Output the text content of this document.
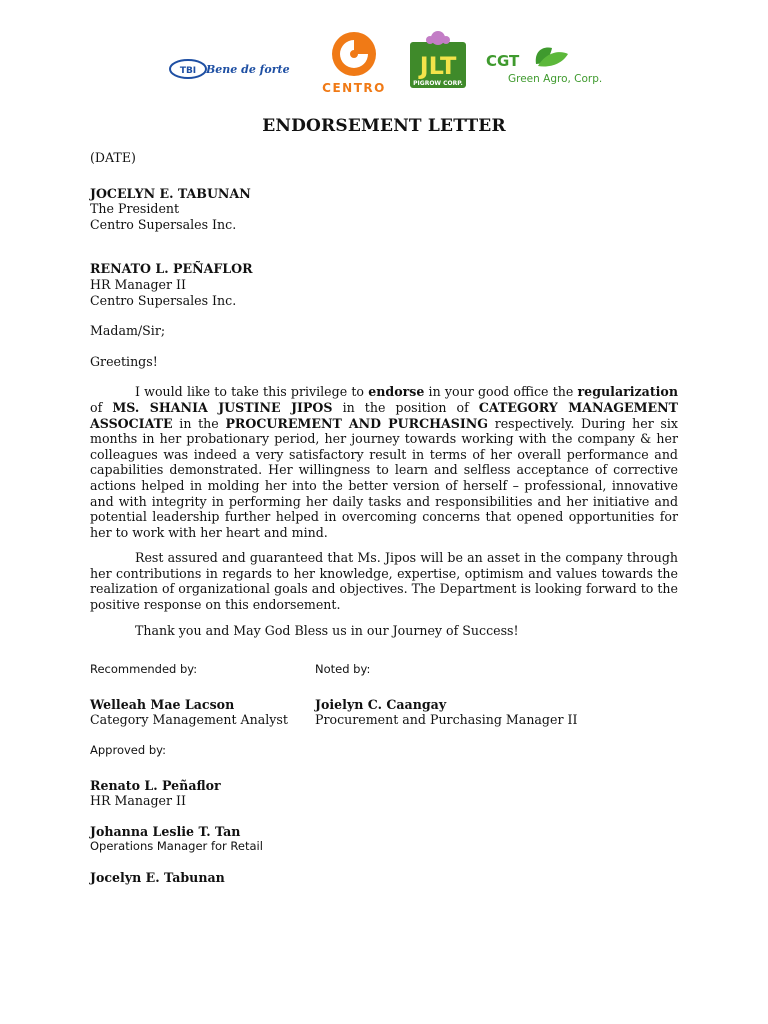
TBI Bene de forte
CENTRO
JLT
PIGROW CORP.
CGT
Green Agro, Corp.
ENDORSEMENT LETTER

(DATE)

JOCELYN E. TABUNAN

The President

Centro Supersales Inc.

RENATO L. PEÑAFLOR

HR Manager II

Centro Supersales Inc.

Madam/Sir;

Greetings!

I would like to take this privilege to endorse in your good office the regularization of MS. SHANIA JUSTINE JIPOS in the position of CATEGORY MANAGEMENT ASSOCIATE in the PROCUREMENT AND PURCHASING respectively. During her six months in her probationary period, her journey towards working with the company & her colleagues was indeed a very satisfactory result in terms of her overall performance and capabilities demonstrated. Her willingness to learn and selfless acceptance of corrective actions helped in molding her into the better version of herself – professional, innovative and with integrity in performing her daily tasks and responsibilities and her initiative and potential leadership further helped in overcoming concerns that opened opportunities for her to work with her heart and mind.

Rest assured and guaranteed that Ms. Jipos will be an asset in the company through her contributions in regards to her knowledge, expertise, optimism and values towards the realization of organizational goals and objectives. The Department is looking forward to the positive response on this endorsement.

Thank you and May God Bless us in our Journey of Success!

Recommended by:	Noted by:
Welleah Mae Lacson	Joielyn C. Caangay
Category Management Analyst Procurement and Purchasing Manager II

Approved by:

Renato L. Peñaflor

HR Manager II

Johanna Leslie T. Tan

Operations Manager for Retail

Jocelyn E. Tabunan
